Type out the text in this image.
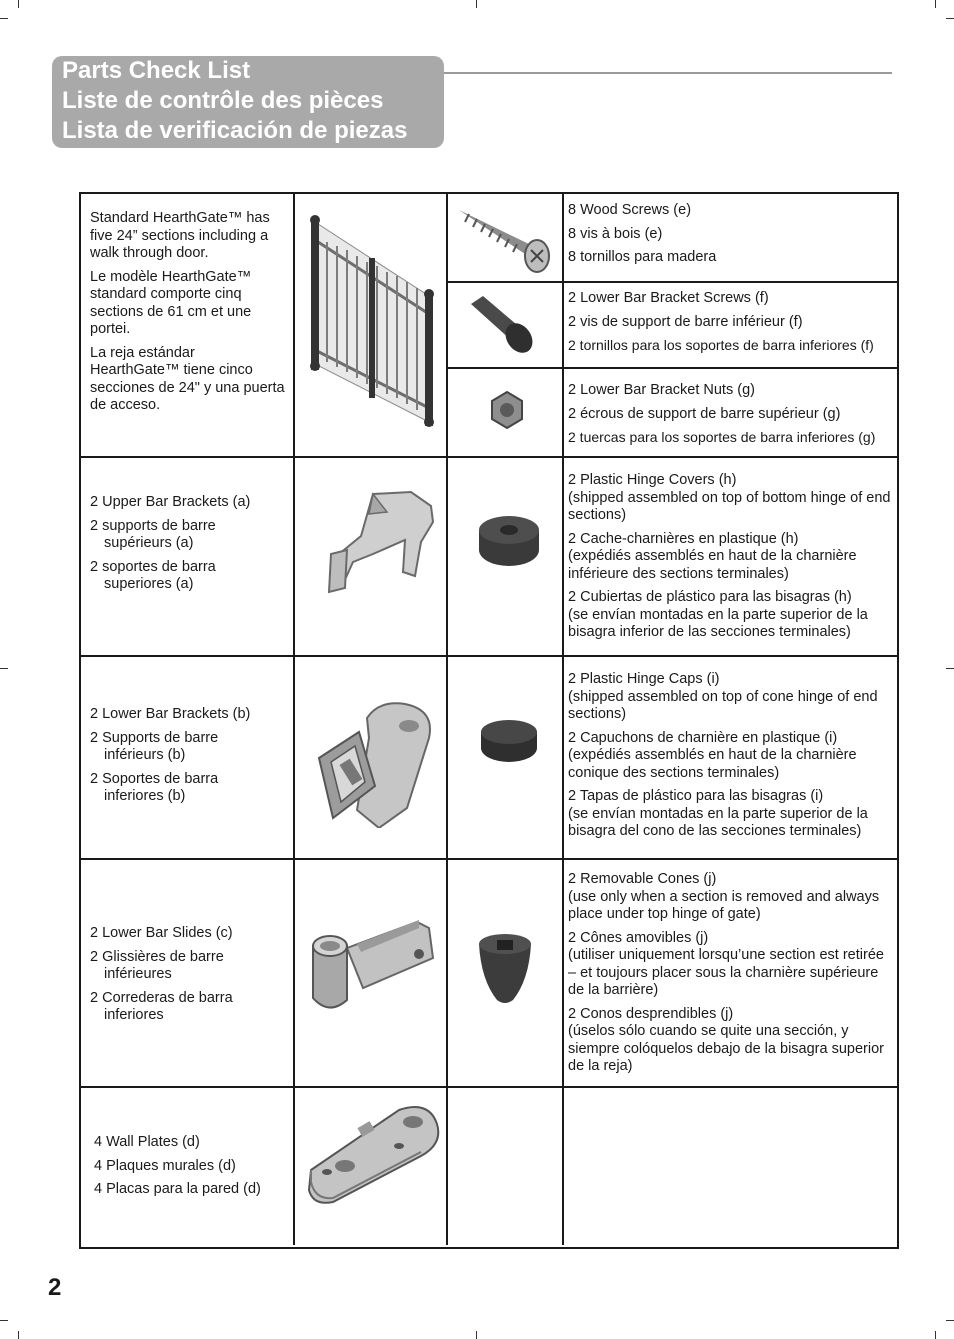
Parts Check List
Liste de contrôle des pièces
Lista de verificación de piezas

Standard HearthGate™ has five 24” sections including a walk through door.

Le modèle HearthGate™ standard comporte cinq sections de 61 cm et une portei.

La reja estándar HearthGate™ tiene cinco secciones de 24" y una puerta de acceso.

8 Wood Screws (e)

8 vis à bois (e)

8 tornillos para madera

2 Lower Bar Bracket Screws (f)

2 vis de support de barre inférieur (f)

2 tornillos para los soportes de barra inferiores (f)

2 Lower Bar Bracket Nuts (g)

2 écrous de support de barre supérieur (g)

2 tuercas para los soportes de barra inferiores (g)

2 Upper Bar Brackets (a)

2 supports de barre
supérieurs (a)

2 soportes de barra
superiores (a)

2 Plastic Hinge Covers (h)
(shipped assembled on top of bottom hinge of end sections)

2 Cache-charnières en plastique (h)
(expédiés assemblés en haut de la charnière inférieure des sections terminales)

2 Cubiertas de plástico para las bisagras (h)
(se envían montadas en la parte superior de la bisagra inferior de las secciones terminales)

2 Lower Bar Brackets (b)

2 Supports de barre
inférieurs (b)

2 Soportes de barra
inferiores (b)

2 Plastic Hinge Caps (i)
(shipped assembled on top of cone hinge of end sections)

2 Capuchons de charnière en plastique (i)
(expédiés assemblés en haut de la charnière conique des sections terminales)

2 Tapas de plástico para las bisagras (i)
(se envían montadas en la parte superior de la bisagra del cono de las secciones terminales)

2 Lower Bar Slides (c)

2 Glissières de barre
inférieures

2 Correderas de barra
inferiores

2 Removable Cones (j)
(use only when a section is removed and always place under top hinge of gate)

2 Cônes amovibles (j)
(utiliser uniquement lorsqu’une section est retirée – et toujours placer sous la charnière supérieure de la barrière)

2 Conos desprendibles (j)
(úselos sólo cuando se quite una sección, y siempre colóquelos debajo de la bisagra superior de la reja)

4 Wall Plates (d)

4 Plaques murales (d)

4 Placas para la pared (d)

2
